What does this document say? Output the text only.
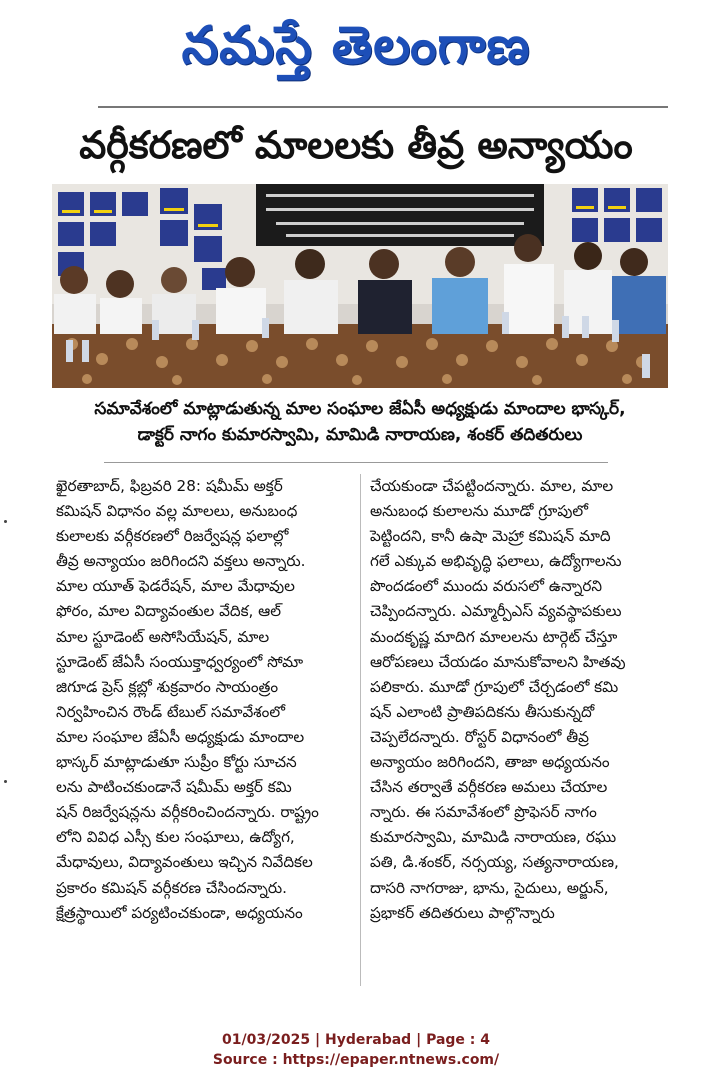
నమస్తే తెలంగాణ
వర్గీకరణలో మాలలకు తీవ్ర అన్యాయం
సమావేశంలో మాట్లాడుతున్న మాల సంఘాల జేఏసీ అధ్యక్షుడు మాందాల భాస్కర్,
డాక్టర్ నాగం కుమారస్వామి, మామిడి నారాయణ, శంకర్ తదితరులు
ఖైరతాబాద్, ఫిబ్రవరి 28: షమీమ్ అక్తర్
కమిషన్ విధానం వల్ల మాలలు, అనుబంధ
కులాలకు వర్గీకరణలో రిజర్వేషన్ల ఫలాల్లో
తీవ్ర అన్యాయం జరిగిందని వక్తలు అన్నారు.
మాల యూత్ ఫెడరేషన్, మాల మేధావుల
ఫోరం, మాల విద్యావంతుల వేదిక, ఆల్
మాల స్టూడెంట్ అసోసియేషన్, మాల
స్టూడెంట్ జేఏసీ సంయుక్తాధ్వర్యంలో సోమా
జిగూడ ప్రెస్ క్లబ్లో శుక్రవారం సాయంత్రం
నిర్వహించిన రౌండ్ టేబుల్ సమావేశంలో
మాల సంఘాల జేఏసీ అధ్యక్షుడు మాందాల
భాస్కర్ మాట్లాడుతూ సుప్రీం కోర్టు సూచన
లను పాటించకుండానే షమీమ్ అక్తర్ కమి
షన్ రిజర్వేషన్లను వర్గీకరించిందన్నారు. రాష్ట్రం
లోని వివిధ ఎస్సీ కుల సంఘాలు, ఉద్యోగ,
మేధావులు, విద్యావంతులు ఇచ్చిన నివేదికల
ప్రకారం కమిషన్ వర్గీకరణ చేసిందన్నారు.
క్షేత్రస్థాయిలో పర్యటించకుండా, అధ్యయనం
చేయకుండా చేపట్టిందన్నారు. మాల, మాల
అనుబంధ కులాలను మూడో గ్రూపులో
పెట్టిందని, కానీ ఉషా మెహ్రా కమిషన్ మాది
గలే ఎక్కువ అభివృద్ధి ఫలాలు, ఉద్యోగాలను
పొందడంలో ముందు వరుసలో ఉన్నారని
చెప్పిందన్నారు. ఎమ్మార్పీఎస్ వ్యవస్థాపకులు
మందకృష్ణ మాదిగ మాలలను టార్గెట్ చేస్తూ
ఆరోపణలు చేయడం మానుకోవాలని హితవు
పలికారు. మూడో గ్రూపులో చేర్చడంలో కమి
షన్ ఎలాంటి ప్రాతిపదికను తీసుకున్నదో
చెప్పలేదన్నారు. రోస్టర్ విధానంలో తీవ్ర
అన్యాయం జరిగిందని, తాజా అధ్యయనం
చేసిన తర్వాతే వర్గీకరణ అమలు చేయాల
న్నారు. ఈ సమావేశంలో ప్రొఫెసర్ నాగం
కుమారస్వామి, మామిడి నారాయణ, రఘు
పతి, డి.శంకర్, నర్సయ్య, సత్యనారాయణ,
దాసరి నాగరాజు, భాను, సైదులు, అర్జున్,
ప్రభాకర్ తదితరులు పాల్గొన్నారు
01/03/2025 | Hyderabad | Page : 4
Source : https://epaper.ntnews.com/
